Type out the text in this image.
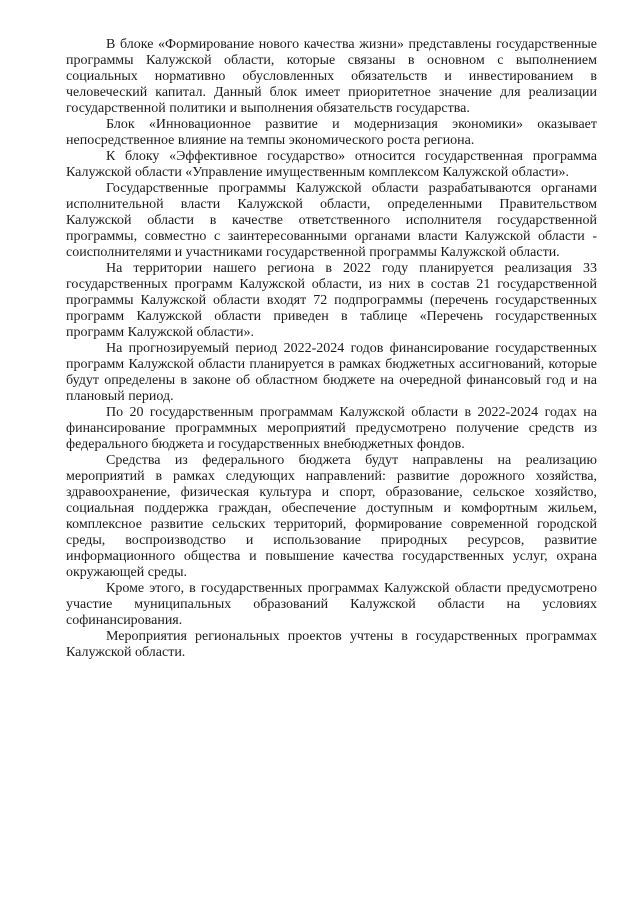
В блоке «Формирование нового качества жизни» представлены государственные программы Калужской области, которые связаны в основном с выполнением социальных нормативно обусловленных обязательств и инвестированием в человеческий капитал. Данный блок имеет приоритетное значение для реализации государственной политики и выполнения обязательств государства.

Блок «Инновационное развитие и модернизация экономики» оказывает непосредственное влияние на темпы экономического роста региона.

К блоку «Эффективное государство» относится государственная программа Калужской области «Управление имущественным комплексом Калужской области».

Государственные программы Калужской области разрабатываются органами исполнительной власти Калужской области, определенными Правительством Калужской области в качестве ответственного исполнителя государственной программы, совместно с заинтересованными органами власти Калужской области - соисполнителями и участниками государственной программы Калужской области.

На территории нашего региона в 2022 году планируется реализация 33 государственных программ Калужской области, из них в состав 21 государственной программы Калужской области входят 72 подпрограммы (перечень государственных программ Калужской области приведен в таблице «Перечень государственных программ Калужской области».

На прогнозируемый период 2022-2024 годов финансирование государственных программ Калужской области планируется в рамках бюджетных ассигнований, которые будут определены в законе об областном бюджете на очередной финансовый год и на плановый период.

По 20 государственным программам Калужской области в 2022-2024 годах на финансирование программных мероприятий предусмотрено получение средств из федерального бюджета и государственных внебюджетных фондов.

Средства из федерального бюджета будут направлены на реализацию мероприятий в рамках следующих направлений: развитие дорожного хозяйства, здравоохранение, физическая культура и спорт, образование, сельское хозяйство, социальная поддержка граждан, обеспечение доступным и комфортным жильем, комплексное развитие сельских территорий, формирование современной городской среды, воспроизводство и использование природных ресурсов, развитие информационного общества и повышение качества государственных услуг, охрана окружающей среды.

Кроме этого, в государственных программах Калужской области предусмотрено участие муниципальных образований Калужской области на условиях софинансирования.

Мероприятия региональных проектов учтены в государственных программах Калужской области.
